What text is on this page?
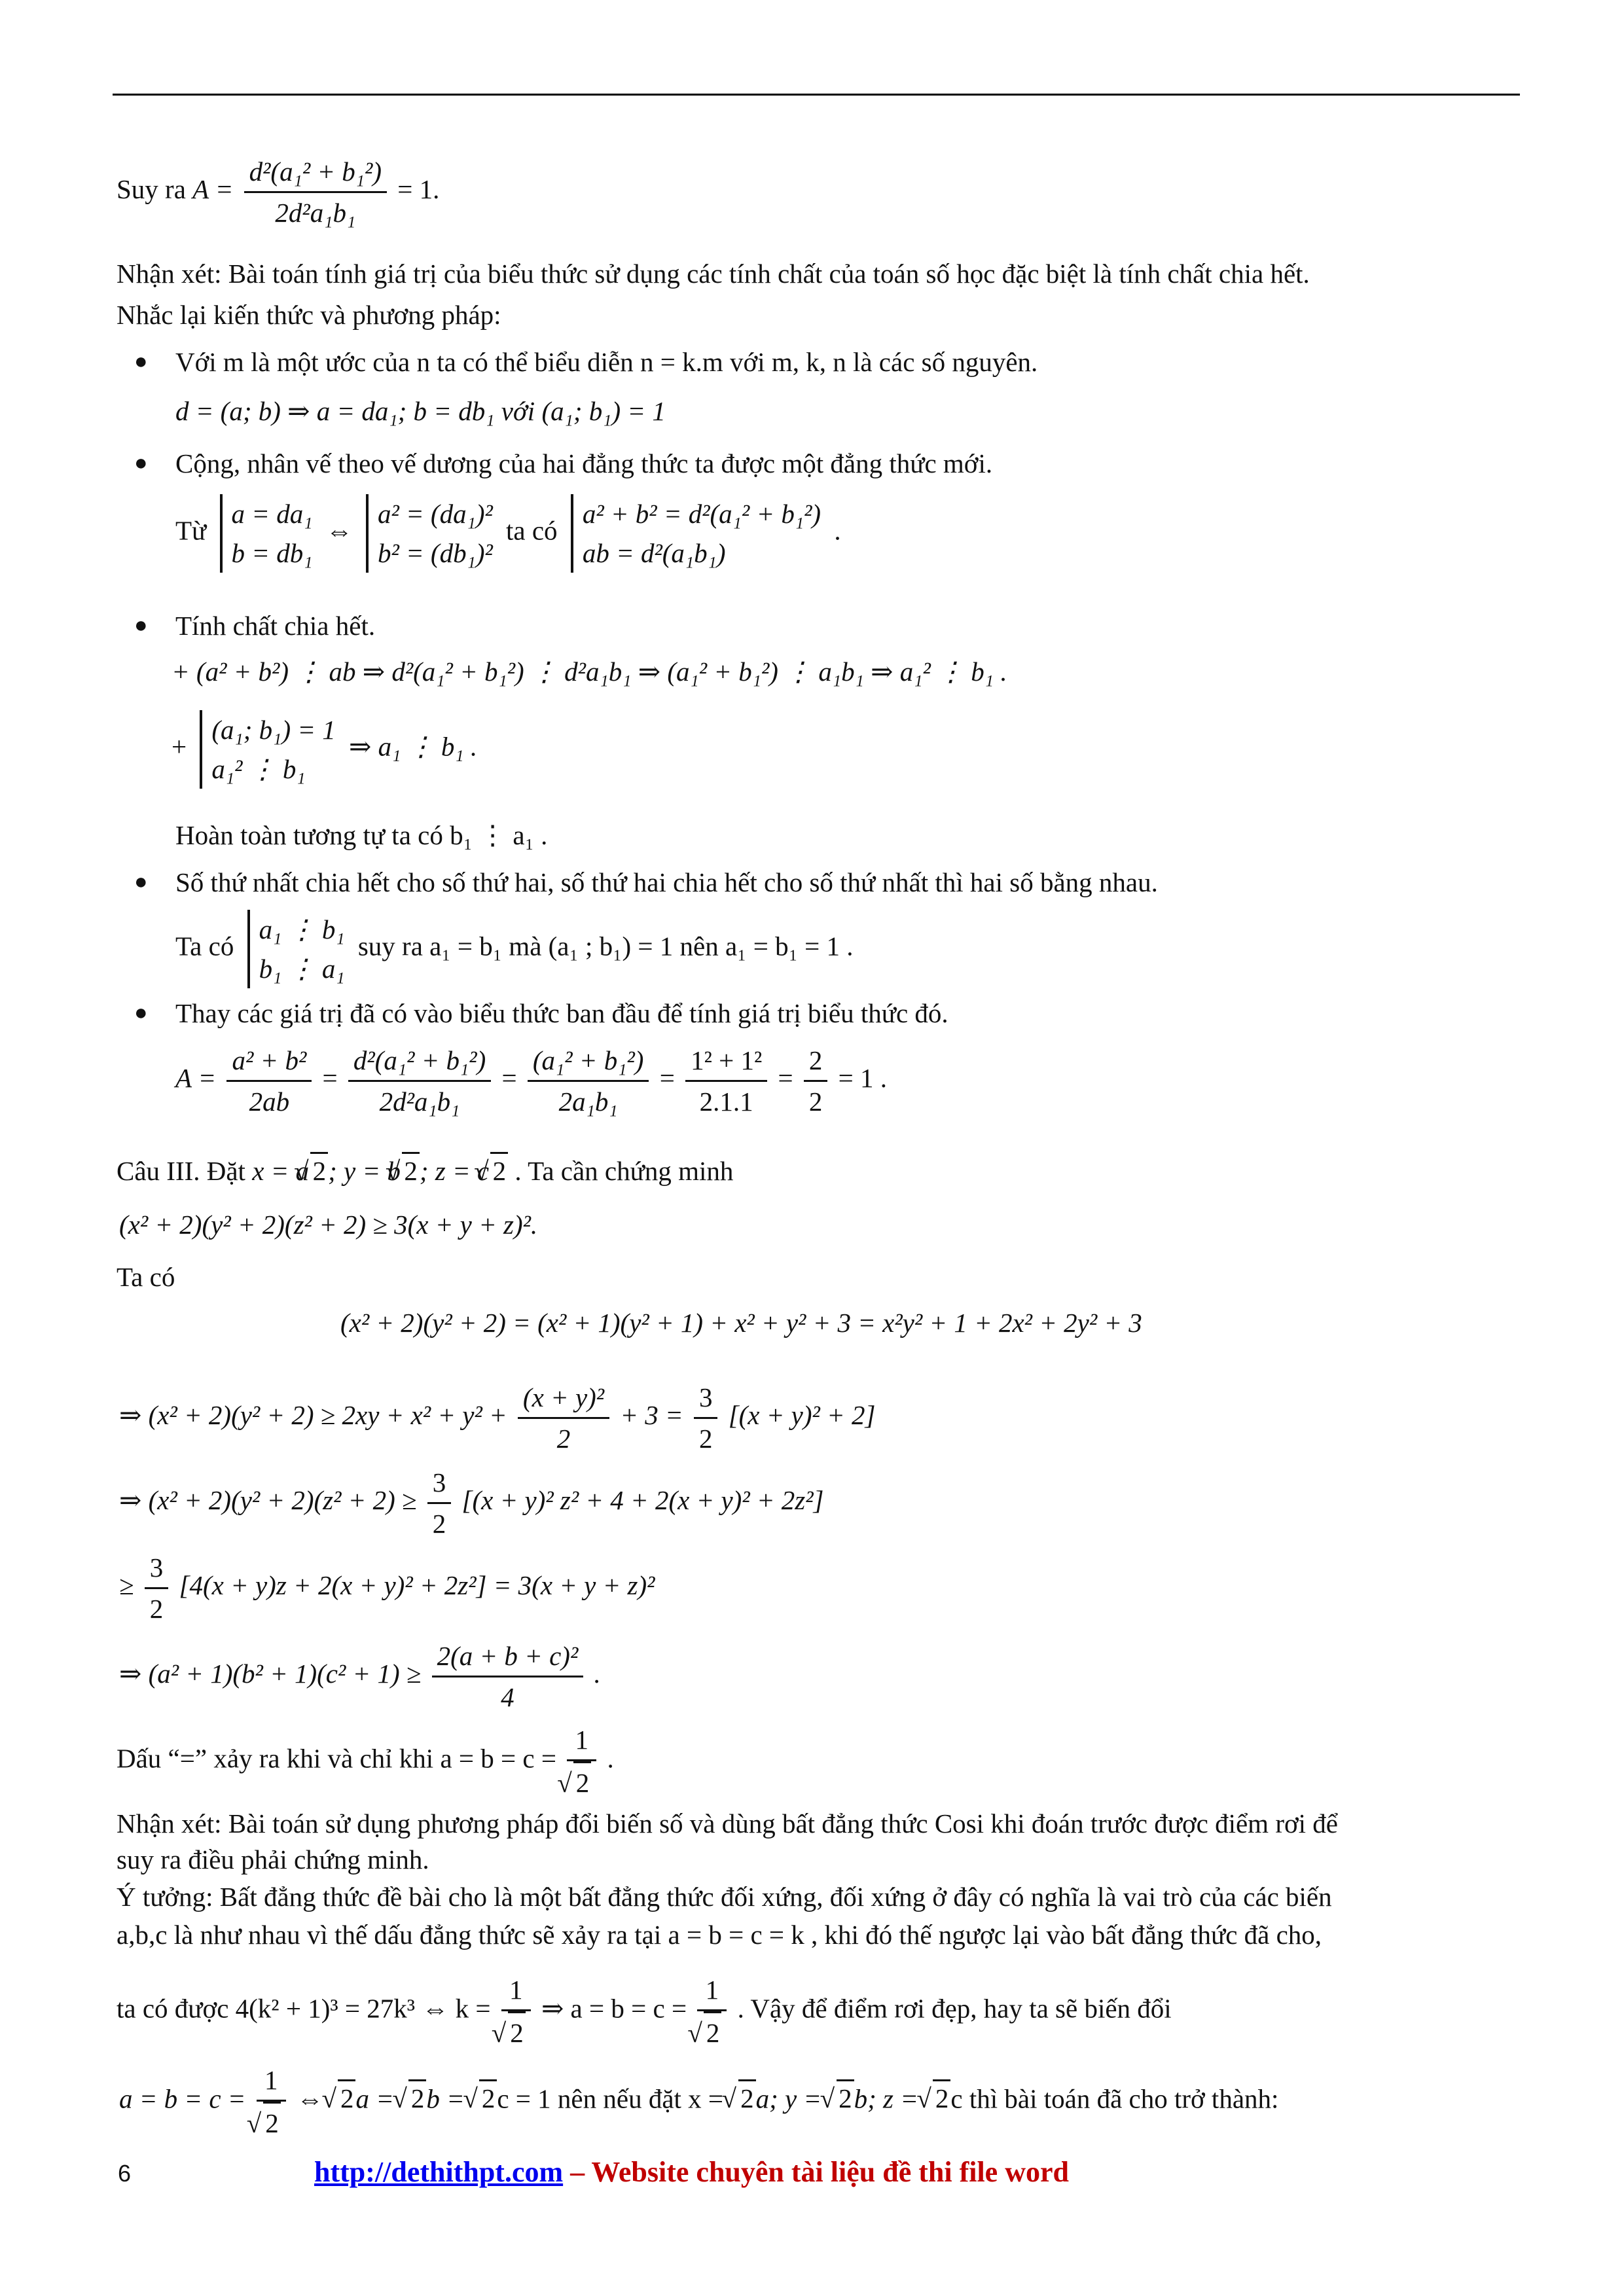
Suy ra $A = \frac{\text{d²(a₁² + b₁²)}}{\text{2d²a₁b₁}} = 1$.
Nhận xét: Bài toán tính giá trị của biểu thức sử dụng các tính chất của toán số học đặc biệt là tính chất chia hết.
Nhắc lại kiến thức và phương pháp:
● Với m là một ước của n ta có thể biểu diễn n = k.m với m, k, n là các số nguyên.
d = (a; b) ⇒ a = da₁; b = db₁ với (a₁; b₁) = 1
● Cộng, nhân vế theo vế dương của hai đẳng thức ta được một đẳng thức mới.
Từ
a = da₁
b = db₁
⇔
a² = (da₁)²
b² = (db₁)²
ta có
a² + b² = d²(a₁² + b₁²)
ab = d²(a₁b₁)
.
● Tính chất chia hết.
+ (a² + b²) ⋮ ab ⇒ d²(a₁² + b₁²) ⋮ d²a₁b₁ ⇒ (a₁² + b₁²) ⋮ a₁b₁ ⇒ a₁² ⋮ b₁ .
+
(a₁; b₁) = 1
a₁² ⋮ b₁
⇒ a₁ ⋮ b₁ .
Hoàn toàn tương tự ta có b₁ ⋮ a₁ .
● Số thứ nhất chia hết cho số thứ hai, số thứ hai chia hết cho số thứ nhất thì hai số bằng nhau.
Ta có
a₁ ⋮ b₁
b₁ ⋮ a₁
suy ra a₁ = b₁ mà (a₁ ; b₁) = 1 nên a₁ = b₁ = 1 .
● Thay các giá trị đã có vào biểu thức ban đầu để tính giá trị biểu thức đó.
$A = \frac{\text{a² + b²}}{2ab} = \frac{\text{d²(a₁² + b₁²)}}{\text{2d²a₁b₁}} = \frac{\text{(a₁² + b₁²)}}{\text{2a₁b₁}} = \frac{\text{1² + 1²}}{2.1.1} = \frac{2}{2} = 1$ .
Câu III. Đặt x = a √ 2; y = b √ 2; z = c √ 2 . Ta cần chứng minh
(x² + 2)(y² + 2)(z² + 2) ≥ 3(x + y + z)².
Ta có
(x² + 2)(y² + 2) = (x² + 1)(y² + 1) + x² + y² + 3 = x²y² + 1 + 2x² + 2y² + 3
⇒ $(x^2 + 2)(y^2 + 2) \ge 2xy + x^2 + y^2 + \frac{\text{(x + y)²}}{2} + 3 = \frac{3}{2} [(x + y)^2 + 2]$
⇒ $(x^2 + 2)(y^2 + 2)(z^2 + 2) \ge \frac{3}{2} [(x + y)^2$ z² + 4 + 2(x + y)² + 2z²]
≥ $\frac{3}{2} [4(x + y)z + 2(x + y)^2 + 2z^2] = 3(x + y + z)^2$
⇒ $(a^2 + 1)(b^2 + 1)(c^2 + 1) \ge \frac{\text{2(a + b + c)²}}{4}$ .
Dấu “=” xảy ra khi và chỉ khi a = b = c = 1
√ 2 .
Nhận xét: Bài toán sử dụng phương pháp đổi biến số và dùng bất đẳng thức Cosi khi đoán trước được điểm rơi để
suy ra điều phải chứng minh.
Ý tưởng: Bất đẳng thức đề bài cho là một bất đẳng thức đối xứng, đối xứng ở đây có nghĩa là vai trò của các biến
a,b,c là như nhau vì thế dấu đẳng thức sẽ xảy ra tại a = b = c = k , khi đó thế ngược lại vào bất đẳng thức đã cho,
ta có được 4(k² + 1)³ = 27k³ ⇔ k = 1
√ 2 ⇒ a = b = c = 1
√ 2 . Vậy để điểm rơi đẹp, hay ta sẽ biến đổi
a = b = c = 1
√ 2 ⇔ √ 2a = √ 2b = √ 2c = 1 nên nếu đặt x = √ 2a; y = √ 2b; z = √ 2c thì bài toán đã cho trở thành:
6	http://dethithpt.com – Website chuyên tài liệu đề thi file word
